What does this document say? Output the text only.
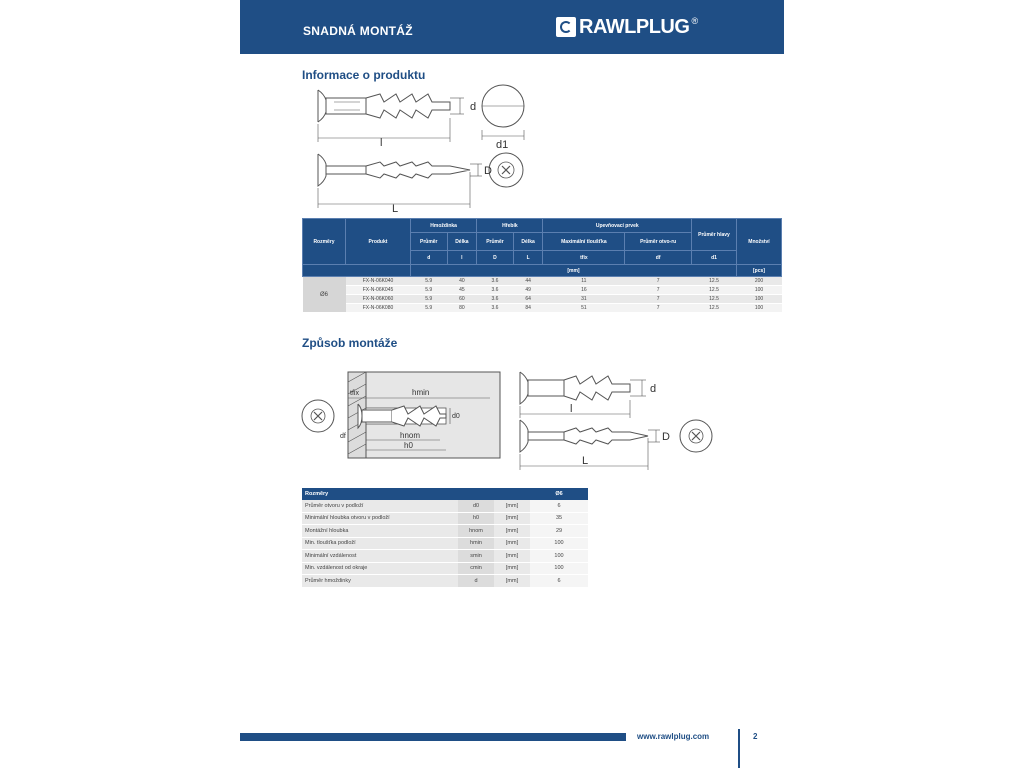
SNADNÁ MONTÁŽ	RAWLPLUG ®
Informace o produktu
d
l	d1
D
L
Rozměry	Produkt	Hmoždinka		Hřebík		Upevňovací prvek		Průměr hlavy	Množství
		Průměr	Délka	Průměr	Délka	Maximální tloušťka	Průměr otvo-ru		
		d	l	D	L	tfix	df	d1	
		[mm]							[pcs]
Ø6	FX-N-06K040	5.9	40	3.6	44	11	7	12.5	200
	FX-N-06K045	5.9	45	3.6	49	16	7	12.5	100
	FX-N-06K060	5.9	60	3.6	64	31	7	12.5	100
	FX-N-06K080	5.9	80	3.6	84	51	7	12.5	100
Způsob montáže
tfix	hmin
hnom
h0
d0
df
d
l
D
L
Rozměry			Ø6
Průměr otvoru v podloží	d0	[mm]	6
Minimální hloubka otvoru v podloží	h0	[mm]	35
Montážní hloubka	hnom	[mm]	29
Min. tloušťka podloží	hmin	[mm]	100
Minimální vzdálenost	smin	[mm]	100
Min. vzdálenost od okraje	cmin	[mm]	100
Průměr hmoždinky	d	[mm]	6
www.rawlplug.com	2
